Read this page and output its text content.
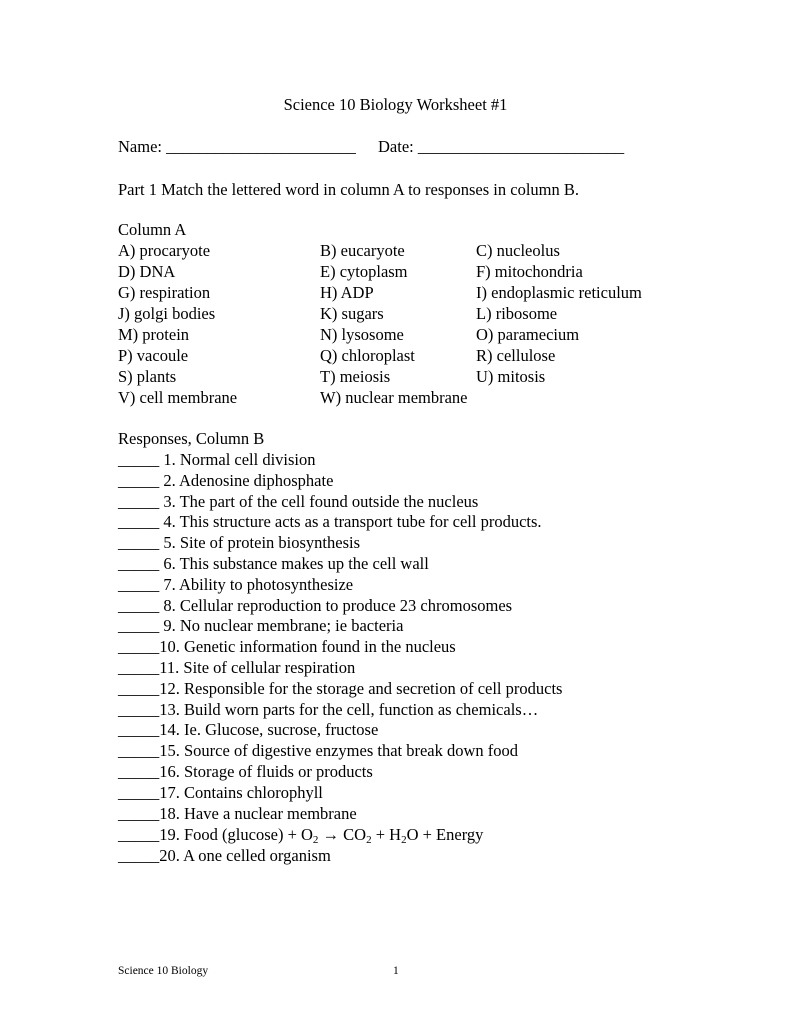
Science 10 Biology Worksheet #1
Name: _______________________ Date: _________________________
Part 1 Match the lettered word in column A to responses in column B.
Column A
A) procaryote	B) eucaryote	C) nucleolus
D) DNA	E) cytoplasm	F) mitochondria
G) respiration	H) ADP	I) endoplasmic reticulum
J) golgi bodies	K) sugars	L) ribosome
M) protein	N) lysosome	O) paramecium
P) vacoule	Q) chloroplast	R) cellulose
S) plants	T) meiosis	U) mitosis
V) cell membrane	W) nuclear membrane
Responses, Column B
_____ 1. Normal cell division
_____ 2. Adenosine diphosphate
_____ 3. The part of the cell found outside the nucleus
_____ 4. This structure acts as a transport tube for cell products.
_____ 5. Site of protein biosynthesis
_____ 6. This substance makes up the cell wall
_____ 7. Ability to photosynthesize
_____ 8. Cellular reproduction to produce 23 chromosomes
_____ 9. No nuclear membrane; ie bacteria
_____10. Genetic information found in the nucleus
_____11. Site of cellular respiration
_____12. Responsible for the storage and secretion of cell products
_____13. Build worn parts for the cell, function as chemicals…
_____14. Ie. Glucose, sucrose, fructose
_____15. Source of digestive enzymes that break down food
_____16. Storage of fluids or products
_____17. Contains chlorophyll
_____18. Have a nuclear membrane
_____19. Food $(glucose) + O_2 \to CO_2 + H_2O$ + Energy
_____20. A one celled organism
Science 10 Biology	1
